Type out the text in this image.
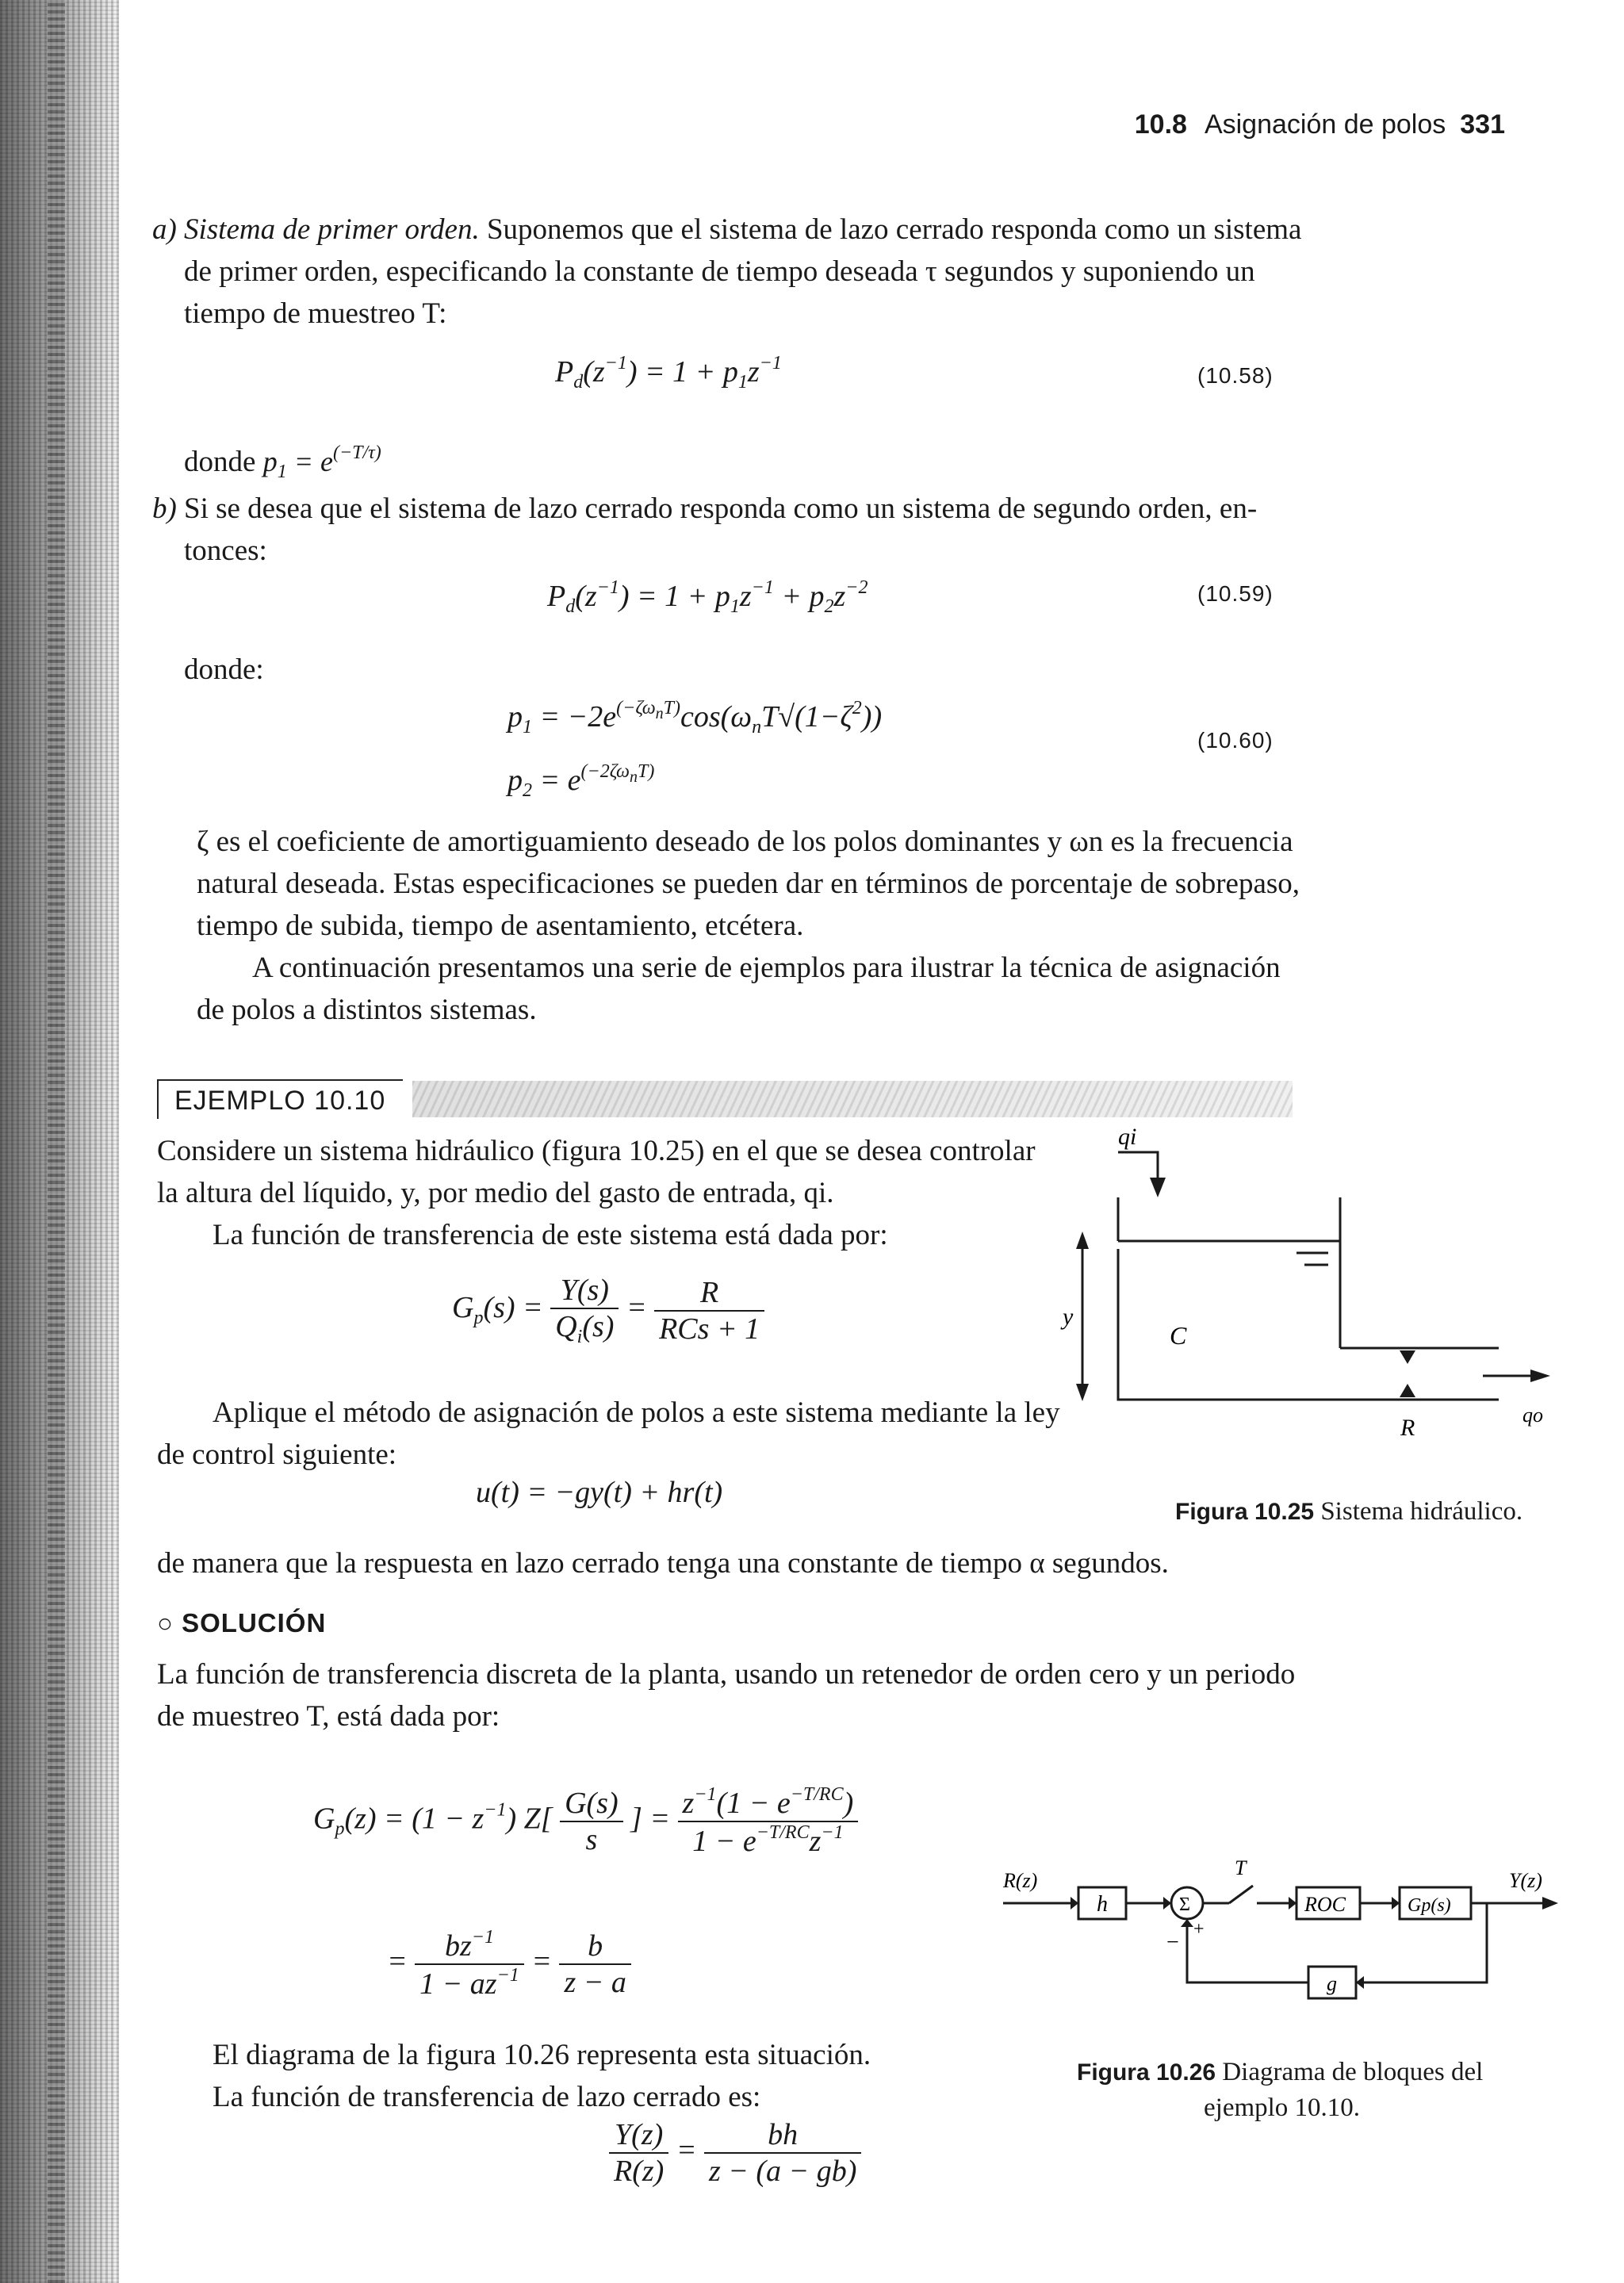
10.8 Asignación de polos 331
a) Sistema de primer orden. Suponemos que el sistema de lazo cerrado responda como un sistema
de primer orden, especificando la constante de tiempo deseada τ segundos y suponiendo un
tiempo de muestreo T:
$P_d(z^{-1}) = 1 + p_1z^{-1}$	(10.58)
donde $p_1 = e^{(-T/\tau)}$
b) Si se desea que el sistema de lazo cerrado responda como un sistema de segundo orden, en-
tonces:
$P_d(z^{-1}) = 1 + p_1z^{-1} + p_2z^{-2}$	(10.59)
donde:
$p_1 = -2e^{(-\zeta\omega_nT)}\cos(\omega_nT√(1-\zeta^2))$
$p_2 = e^{(-2\zeta\omega_nT)}$
(10.60)
ζ es el coeficiente de amortiguamiento deseado de los polos dominantes y ωn es la frecuencia
natural deseada. Estas especificaciones se pueden dar en términos de porcentaje de sobrepaso,
tiempo de subida, tiempo de asentamiento, etcétera.
A continuación presentamos una serie de ejemplos para ilustrar la técnica de asignación
de polos a distintos sistemas.
EJEMPLO 10.10
Considere un sistema hidráulico (figura 10.25) en el que se desea controlar
la altura del líquido, y, por medio del gasto de entrada, qi.
La función de transferencia de este sistema está dada por:
$G_p(s) = \frac{Y(s)}{Q_i(s)} = \frac{R}{\text{RCs + 1}}$
Aplique el método de asignación de polos a este sistema mediante la ley
de control siguiente:
u(t) = −gy(t) + hr(t)
de manera que la respuesta en lazo cerrado tenga una constante de tiempo α segundos.
qi
y
C
R	qo
Figura 10.25 Sistema hidráulico.
○ SOLUCIÓN
La función de transferencia discreta de la planta, usando un retenedor de orden cero y un periodo
de muestreo T, está dada por:
$G_p(z) = (1 - z^{-1})$ $Z[ \frac{G(s)}{s}$ ] = $\frac{z^{-1}(1 - e^{-T/RC})}{1 - e^{-T/RC}z^{-1}}$
= $\frac{bz^{-1}}{1 - az^{-1}} = \frac{b}{z - a}$
El diagrama de la figura 10.26 representa esta situación.
La función de transferencia de lazo cerrado es:
$\frac{Y(z)}{R(z)} = \frac{bh}{z - (a - gb)}$
R(z)
h	Σ
T
ROC	Gp(s)
Y(z)
g
+
−
Figura 10.26 Diagrama de bloques del
ejemplo 10.10.
